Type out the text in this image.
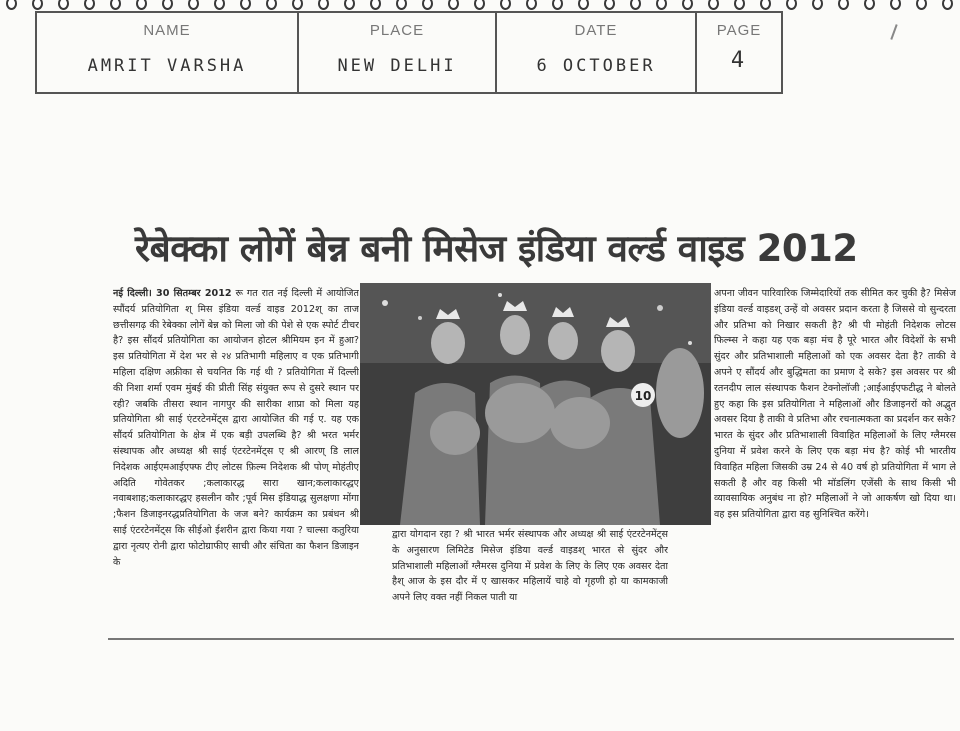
NAME
AMRIT VARSHA
PLACE
NEW DELHI
DATE
6 OCTOBER
PAGE
4
रेबेक्का लोगें बेन्न बनी मिसेज इंडिया वर्ल्ड वाइड 2012
नई दिल्ली। 30 सितम्बर 2012 रू गत रात नई दिल्ली में आयोजित स्पौंदर्य प्रतियोगिता श् मिस इंडिया वर्ल्ड वाइड 2012श् का ताज छत्तीसगढ़ की रेबेक्का लोगें बेन्न को मिला जो की पेशे से एक स्पोर्ट टीचर है? इस सौंदर्य प्रतियोगिता का आयोजन होटल श्रीमियम इन में हुआ? इस प्रतियोगिता में देश भर से २४ प्रतिभागी महिलाए व एक प्रतिभागी महिला दक्षिण अफ्रीका से चयनित कि गई थी ? प्रतियोगिता में दिल्ली की निशा शर्मा एवम मुंबई की प्रीती सिंह संयुक्त रूप से दुसरे स्थान पर रही? जबकि तीसरा स्थान नागपुर की सारीका शाप्रा को मिला यह प्रतियोगिता श्री साई एंटरटेनमेंट्स द्वारा आयोजित की गई ए. यह एक सौंदर्य प्रतियोगिता के क्षेत्र में एक बड़ी उपलब्धि है? श्री भरत भर्मर संस्थापक और अध्यक्ष श्री साई एंटरटेनमेंट्स ए श्री आरण् डि लाल निदेशक आईएमआईएफ्फ टीए लोटस फ़िल्म निदेशक श्री पोण् मोहंतीए अदिति गोवेतकर ;कलाकारद्ध सारा खान;कलाकारद्धए नवाबशाह;कलाकारद्धए हसलीन कौर ;पूर्व मिस इंडियाद्ध सुलक्षणा मोंगा ;फैशन डिजाइनरद्धप्रतियोगिता के जज बने? कार्यक्रम का प्रबंधन श्री साई एंटरटेनमेंट्स कि सीईओ ईशरीन द्वारा किया गया ? चाल्सा कतुरिया द्वारा नृत्यए रोनी द्वारा फोटोग्राफीए साची और संचिता का फैशन डिजाइन के
10
द्वारा योगदान रहा ? श्री भारत भर्मर संस्थापक और अध्यक्ष श्री साई एंटरटेनमेंट्स के अनुसारण लिमिटेड मिसेज इंडिया वर्ल्ड वाइडश् भारत से सुंदर और प्रतिभाशाली महिलाओं ग्लैमरस दुनिया में प्रवेश के लिए के लिए एक अवसर देता हैश् आज के इस दौर में ए खासकर महिलायें चाहे वो गृहणी हो या कामकाजी अपने लिए वक्त नहीं निकल पाती या
अपना जीवन पारिवारिक जिम्मेदारियों तक सीमित कर चुकी है? मिसेज इंडिया वर्ल्ड वाइडश् उन्हें वो अवसर प्रदान करता है जिससे वो सुन्दरता और प्रतिभा को निखार सकती है? श्री पी मोहंती निदेशक लोटस फिल्म्स ने कहा यह एक बड़ा मंच है पूरे भारत और विदेशों के सभी सुंदर और प्रतिभाशाली महिलाओं को एक अवसर देता है? ताकी वे अपने ए सौंदर्य और बुद्धिमता का प्रमाण दे सके? इस अवसर पर श्री रतनदीप लाल संस्थापक फैशन टेक्नोलॉजी ;आईआईएफटीद्ध ने बोलते हुए कहा कि इस प्रतियोगिता ने महिलाओं और डिजाइनरों को अद्भुत अवसर दिया है ताकी वे प्रतिभा और रचनात्मकता का प्रदर्शन कर सके? भारत के सुंदर और प्रतिभाशाली विवाहित महिलाओं के लिए ग्लैमरस दुनिया में प्रवेश करने के लिए एक बड़ा मंच है? कोई भी भारतीय विवाहित महिला जिसकी उम्र 24 से 40 वर्ष हो प्रतियोगिता में भाग ले सकती है और वह किसी भी मॉडलिंग एजेंसी के साथ किसी भी व्यावसायिक अनुबंध ना हो? महिलाओं ने जो आकर्षण खो दिया था। वह इस प्रतियोगिता द्वारा वह सुनिश्चित करेंगे।
